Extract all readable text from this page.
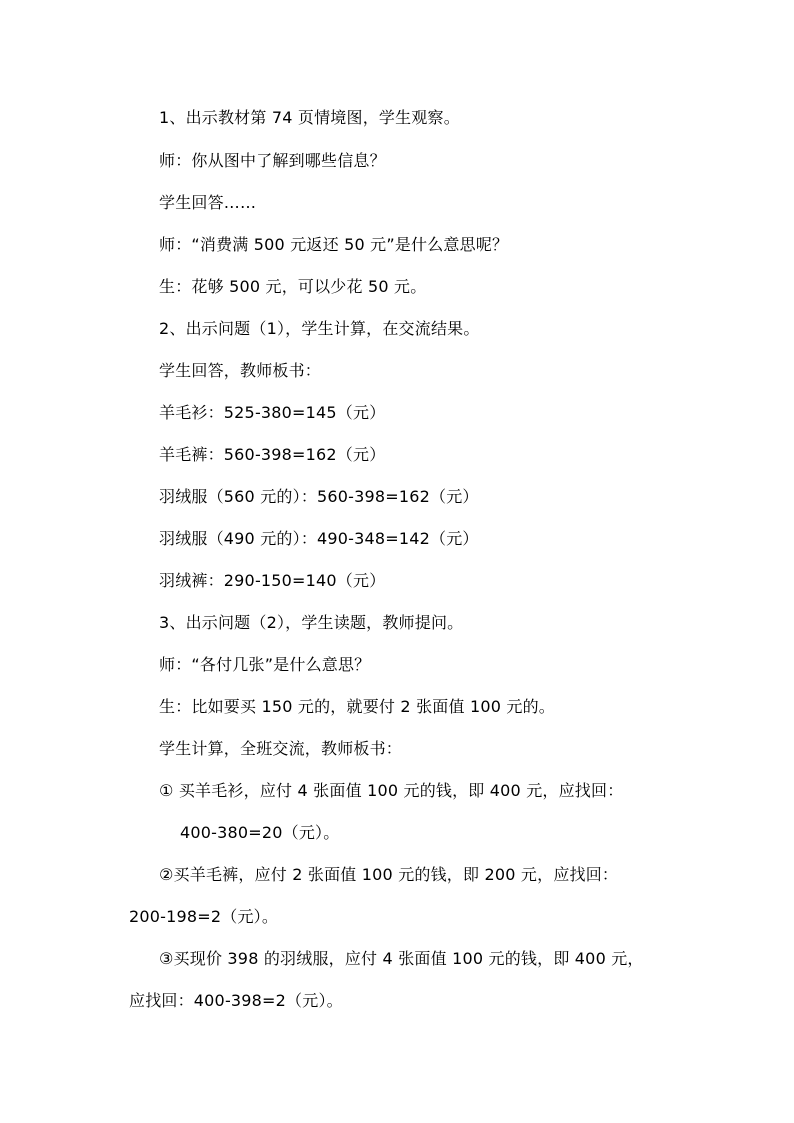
1、出示教材第 74 页情境图，学生观察。
师：你从图中了解到哪些信息？
学生回答……
师：“消费满 500 元返还 50 元”是什么意思呢？
生：花够 500 元，可以少花 50 元。
2、出示问题（1），学生计算，在交流结果。
学生回答，教师板书：
羊毛衫：525-380=145（元）
羊毛裤：560-398=162（元）
羽绒服（560 元的）：560-398=162（元）
羽绒服（490 元的）：490-348=142（元）
羽绒裤：290-150=140（元）
3、出示问题（2），学生读题，教师提问。
师：“各付几张”是什么意思？
生：比如要买 150 元的，就要付 2 张面值 100 元的。
学生计算，全班交流，教师板书：
① 买羊毛衫，应付 4 张面值 100 元的钱，即 400 元，应找回：
400-380=20（元）。
②买羊毛裤，应付 2 张面值 100 元的钱，即 200 元，应找回：
200-198=2（元）。
③买现价 398 的羽绒服，应付 4 张面值 100 元的钱，即 400 元，
应找回：400-398=2（元）。
